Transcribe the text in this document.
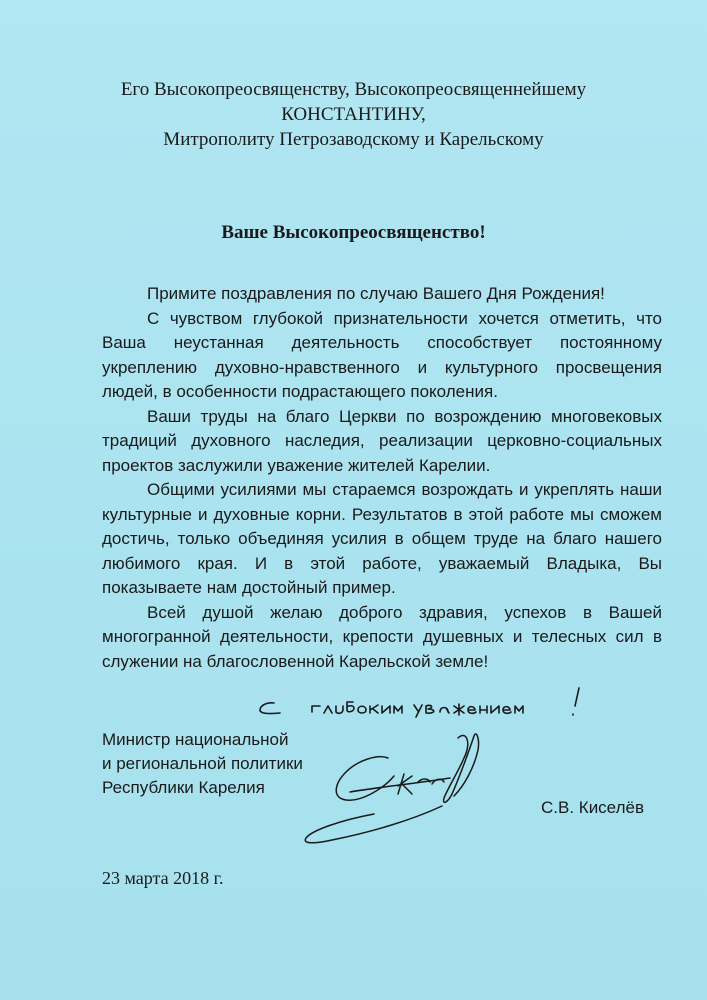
Его Высокопреосвященству, Высокопреосвященнейшему
КОНСТАНТИНУ,
Митрополиту Петрозаводскому и Карельскому
Ваше Высокопреосвященство!

Примите поздравления по случаю Вашего Дня Рождения!

С чувством глубокой признательности хочется отметить, что Ваша неустанная деятельность способствует постоянному укреплению духовно-нравственного и культурного просвещения людей, в особенности подрастающего поколения.

Ваши труды на благо Церкви по возрождению многовековых традиций духовного наследия, реализации церковно-социальных проектов заслужили уважение жителей Карелии.

Общими усилиями мы стараемся возрождать и укреплять наши культурные и духовные корни. Результатов в этой работе мы сможем достичь, только объединяя усилия в общем труде на благо нашего любимого края. И в этой работе, уважаемый Владыка, Вы показываете нам достойный пример.

Всей душой желаю доброго здравия, успехов в Вашей многогранной деятельности, крепости душевных и телесных сил в служении на благословенной Карельской земле!

Министр национальной
и региональной политики
Республики Карелия
С.В. Киселёв
23 марта 2018 г.
